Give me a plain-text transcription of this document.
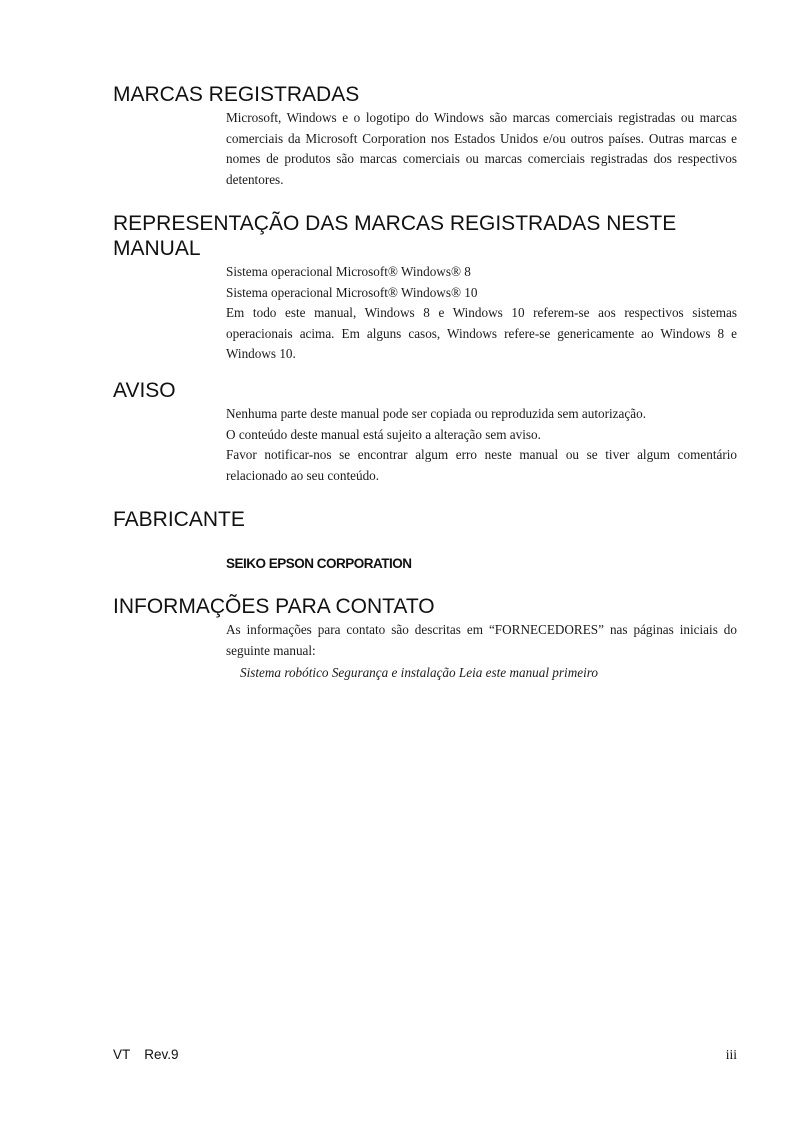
MARCAS REGISTRADAS

Microsoft, Windows e o logotipo do Windows são marcas comerciais registradas ou marcas comerciais da Microsoft Corporation nos Estados Unidos e/ou outros países. Outras marcas e nomes de produtos são marcas comerciais ou marcas comerciais registradas dos respectivos detentores.

REPRESENTAÇÃO DAS MARCAS REGISTRADAS NESTE MANUAL
Sistema operacional Microsoft® Windows® 8
Sistema operacional Microsoft® Windows® 10

Em todo este manual, Windows 8 e Windows 10 referem-se aos respectivos sistemas operacionais acima. Em alguns casos, Windows refere-se genericamente ao Windows 8 e Windows 10.

AVISO
Nenhuma parte deste manual pode ser copiada ou reproduzida sem autorização.
O conteúdo deste manual está sujeito a alteração sem aviso.

Favor notificar-nos se encontrar algum erro neste manual ou se tiver algum comentário relacionado ao seu conteúdo.

FABRICANTE
SEIKO EPSON CORPORATION
INFORMAÇÕES PARA CONTATO

As informações para contato são descritas em “FORNECEDORES” nas páginas iniciais do seguinte manual:

Sistema robótico Segurança e instalação Leia este manual primeiro
VT Rev.9	iii
